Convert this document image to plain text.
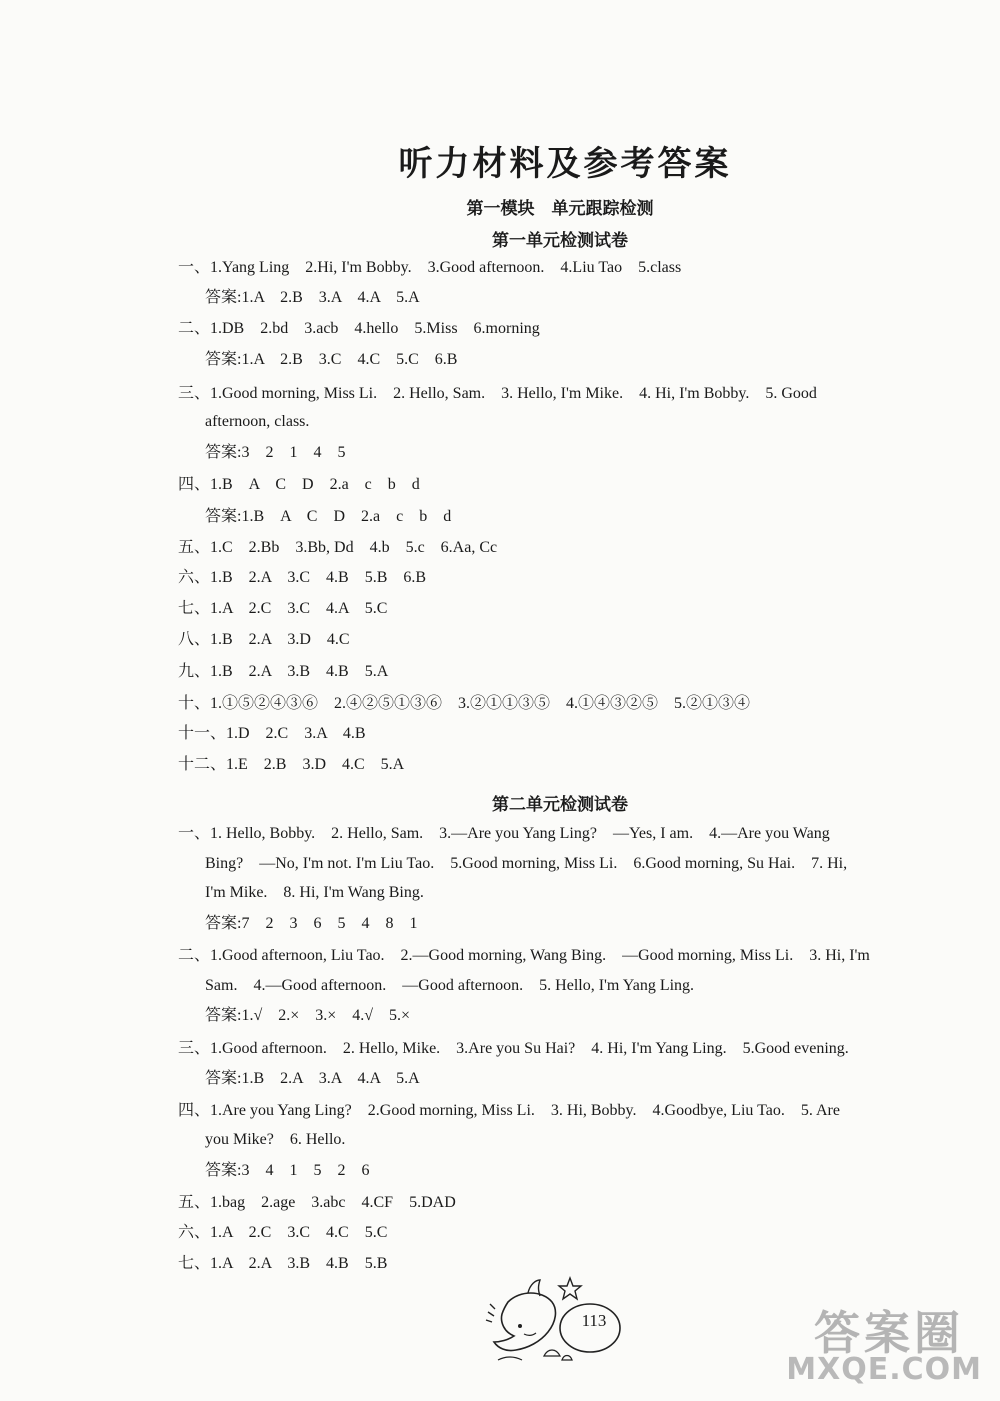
听力材料及参考答案
第一模块　单元跟踪检测
第一单元检测试卷
一、1.Yang Ling　2.Hi, I'm Bobby.　3.Good afternoon.　4.Liu Tao　5.class
答案:1.A　2.B　3.A　4.A　5.A
二、1.DB　2.bd　3.acb　4.hello　5.Miss　6.morning
答案:1.A　2.B　3.C　4.C　5.C　6.B
三、1.Good morning, Miss Li.　2. Hello, Sam.　3. Hello, I'm Mike.　4. Hi, I'm Bobby.　5. Good
afternoon, class.
答案:3　2　1　4　5
四、1.B　A　C　D　2.a　c　b　d
答案:1.B　A　C　D　2.a　c　b　d
五、1.C　2.Bb　3.Bb, Dd　4.b　5.c　6.Aa, Cc
六、1.B　2.A　3.C　4.B　5.B　6.B
七、1.A　2.C　3.C　4.A　5.C
八、1.B　2.A　3.D　4.C
九、1.B　2.A　3.B　4.B　5.A
十、1.①⑤②④③⑥　2.④②⑤①③⑥　3.②①①③⑤　4.①④③②⑤　5.②①③④
十一、1.D　2.C　3.A　4.B
十二、1.E　2.B　3.D　4.C　5.A
第二单元检测试卷
一、1. Hello, Bobby.　2. Hello, Sam.　3.—Are you Yang Ling?　—Yes, I am.　4.—Are you Wang
Bing?　—No, I'm not. I'm Liu Tao.　5.Good morning, Miss Li.　6.Good morning, Su Hai.　7. Hi,
I'm Mike.　8. Hi, I'm Wang Bing.
答案:7　2　3　6　5　4　8　1
二、1.Good afternoon, Liu Tao.　2.—Good morning, Wang Bing.　—Good morning, Miss Li.　3. Hi, I'm
Sam.　4.—Good afternoon.　—Good afternoon.　5. Hello, I'm Yang Ling.
答案:1.√　2.×　3.×　4.√　5.×
三、1.Good afternoon.　2. Hello, Mike.　3.Are you Su Hai?　4. Hi, I'm Yang Ling.　5.Good evening.
答案:1.B　2.A　3.A　4.A　5.A
四、1.Are you Yang Ling?　2.Good morning, Miss Li.　3. Hi, Bobby.　4.Goodbye, Liu Tao.　5. Are
you Mike?　6. Hello.
答案:3　4　1　5　2　6
五、1.bag　2.age　3.abc　4.CF　5.DAD
六、1.A　2.C　3.C　4.C　5.C
七、1.A　2.A　3.B　4.B　5.B
113	答案圈
MXQE.COM
